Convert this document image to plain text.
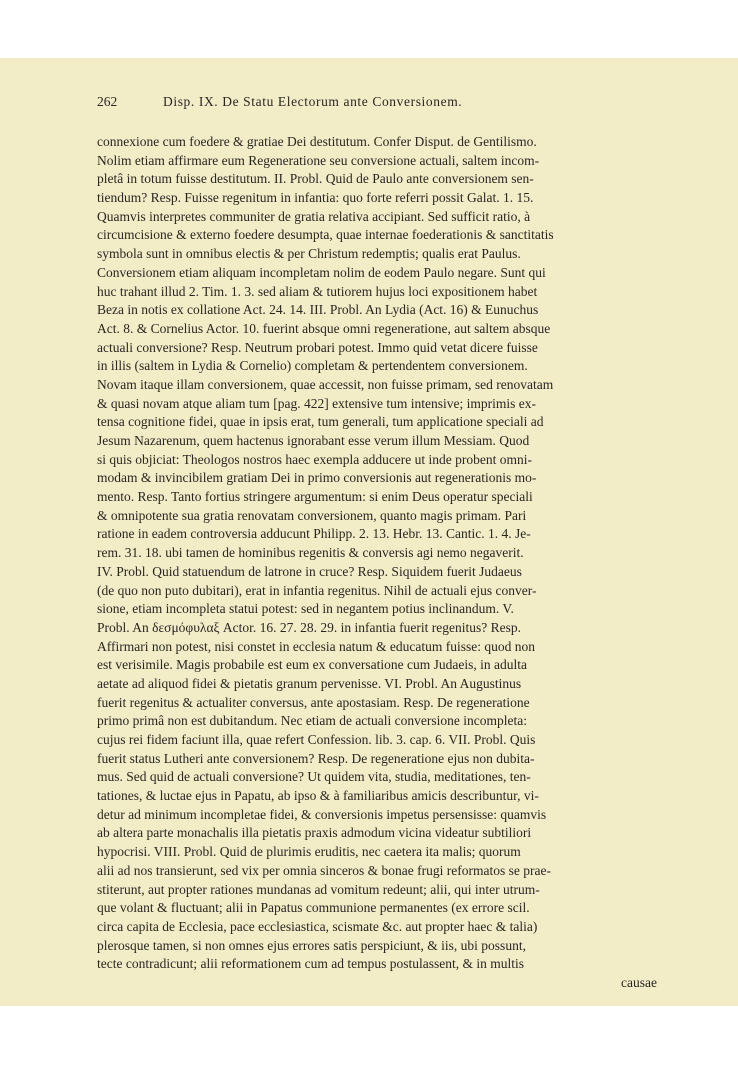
262	Disp. IX. De Statu Electorum ante Conversionem.
connexione cum foedere & gratiae Dei destitutum. Confer Disput. de Gentilismo.
Nolim etiam affirmare eum Regeneratione seu conversione actuali, saltem incom-
pletâ in totum fuisse destitutum. II. Probl. Quid de Paulo ante conversionem sen-
tiendum? Resp. Fuisse regenitum in infantia: quo forte referri possit Galat. 1. 15.
Quamvis interpretes communiter de gratia relativa accipiant. Sed sufficit ratio, à
circumcisione & externo foedere desumpta, quae internae foederationis & sanctitatis
symbola sunt in omnibus electis & per Christum redemptis; qualis erat Paulus.
Conversionem etiam aliquam incompletam nolim de eodem Paulo negare. Sunt qui
huc trahant illud 2. Tim. 1. 3. sed aliam & tutiorem hujus loci expositionem habet
Beza in notis ex collatione Act. 24. 14. III. Probl. An Lydia (Act. 16) & Eunuchus
Act. 8. & Cornelius Actor. 10. fuerint absque omni regeneratione, aut saltem absque
actuali conversione? Resp. Neutrum probari potest. Immo quid vetat dicere fuisse
in illis (saltem in Lydia & Cornelio) completam & pertendentem conversionem.
Novam itaque illam conversionem, quae accessit, non fuisse primam, sed renovatam
& quasi novam atque aliam tum [pag. 422] extensive tum intensive; imprimis ex-
tensa cognitione fidei, quae in ipsis erat, tum generali, tum applicatione speciali ad
Jesum Nazarenum, quem hactenus ignorabant esse verum illum Messiam. Quod
si quis objiciat: Theologos nostros haec exempla adducere ut inde probent omni-
modam & invincibilem gratiam Dei in primo conversionis aut regenerationis mo-
mento. Resp. Tanto fortius stringere argumentum: si enim Deus operatur speciali
& omnipotente sua gratia renovatam conversionem, quanto magis primam. Pari
ratione in eadem controversia adducunt Philipp. 2. 13. Hebr. 13. Cantic. 1. 4. Je-
rem. 31. 18. ubi tamen de hominibus regenitis & conversis agi nemo negaverit.
IV. Probl. Quid statuendum de latrone in cruce? Resp. Siquidem fuerit Judaeus
(de quo non puto dubitari), erat in infantia regenitus. Nihil de actuali ejus conver-
sione, etiam incompleta statui potest: sed in negantem potius inclinandum. V.
Probl. An δεσμόφυλαξ Actor. 16. 27. 28. 29. in infantia fuerit regenitus? Resp.
Affirmari non potest, nisi constet in ecclesia natum & educatum fuisse: quod non
est verisimile. Magis probabile est eum ex conversatione cum Judaeis, in adulta
aetate ad aliquod fidei & pietatis granum pervenisse. VI. Probl. An Augustinus
fuerit regenitus & actualiter conversus, ante apostasiam. Resp. De regeneratione
primo primâ non est dubitandum. Nec etiam de actuali conversione incompleta:
cujus rei fidem faciunt illa, quae refert Confession. lib. 3. cap. 6. VII. Probl. Quis
fuerit status Lutheri ante conversionem? Resp. De regeneratione ejus non dubita-
mus. Sed quid de actuali conversione? Ut quidem vita, studia, meditationes, ten-
tationes, & luctae ejus in Papatu, ab ipso & à familiaribus amicis describuntur, vi-
detur ad minimum incompletae fidei, & conversionis impetus persensisse: quamvis
ab altera parte monachalis illa pietatis praxis admodum vicina videatur subtiliori
hypocrisi. VIII. Probl. Quid de plurimis eruditis, nec caetera ita malis; quorum
alii ad nos transierunt, sed vix per omnia sinceros & bonae frugi reformatos se prae-
stiterunt, aut propter rationes mundanas ad vomitum redeunt; alii, qui inter utrum-
que volant & fluctuant; alii in Papatus communione permanentes (ex errore scil.
circa capita de Ecclesia, pace ecclesiastica, scismate &c. aut propter haec & talia)
plerosque tamen, si non omnes ejus errores satis perspiciunt, & iis, ubi possunt,
tecte contradicunt; alii reformationem cum ad tempus postulassent, & in multis
causae
